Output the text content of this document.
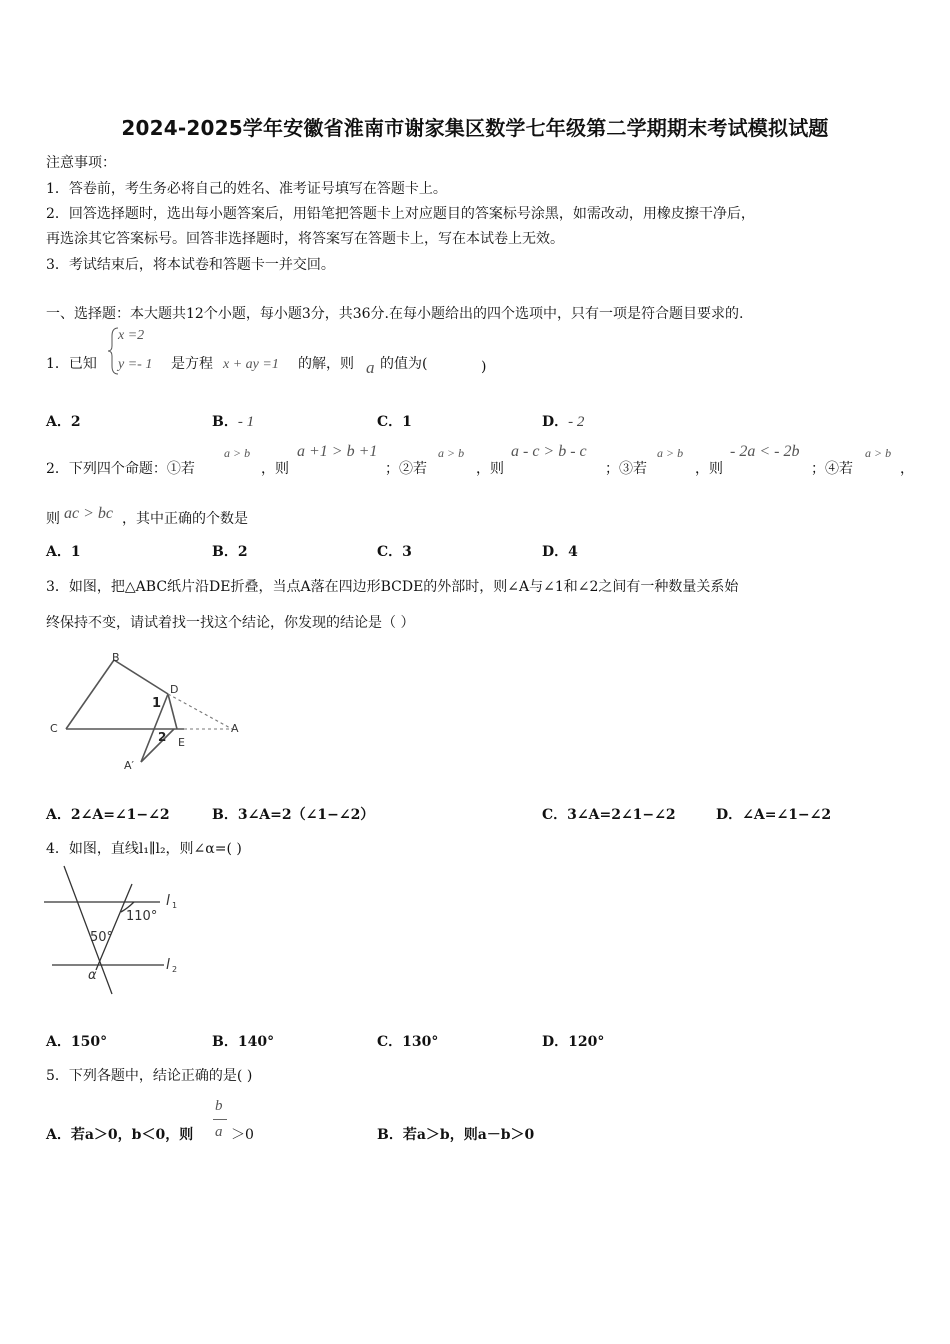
2024-2025学年安徽省淮南市谢家集区数学七年级第二学期期末考试模拟试题
注意事项：
1．答卷前，考生务必将自己的姓名、准考证号填写在答题卡上。
2．回答选择题时，选出每小题答案后，用铅笔把答题卡上对应题目的答案标号涂黑，如需改动，用橡皮擦干净后，
再选涂其它答案标号。回答非选择题时，将答案写在答题卡上，写在本试卷上无效。
3．考试结束后，将本试卷和答题卡一并交回。
一、选择题：本大题共12个小题，每小题3分，共36分.在每小题给出的四个选项中，只有一项是符合题目要求的.
1．已知
x =2
y =- 1 是方程 x + ay =1 的解，则 a 的值为(	)
A．2	B．- 1	C．1	D．- 2
2．下列四个命题：①若
a > b
，则
a +1 > b +1
；②若
a > b
，则
a - c > b - c
；③若
a > b
，则
- 2a < - 2b
；④若
a > b
，
则 ac > bc ，其中正确的个数是
A．1	B．2	C．3	D．4
3．如图，把△ABC纸片沿DE折叠，当点A落在四边形BCDE的外部时，则∠A与∠1和∠2之间有一种数量关系始
终保持不变，请试着找一找这个结论，你发现的结论是（ ）
B
C
D
E
A
A′
1
2
A．2∠A=∠1−∠2	B．3∠A=2（∠1−∠2）	C．3∠A=2∠1−∠2	D．∠A=∠1−∠2
4．如图，直线l₁∥l₂，则∠α=( )
l 1
l 2
110°
50°
α
A．150°	B．140°	C．130°	D．120°
5．下列各题中，结论正确的是( )
A．若a＞0，b＜0，则
b
a ＞0	B．若a＞b，则a－b＞0
